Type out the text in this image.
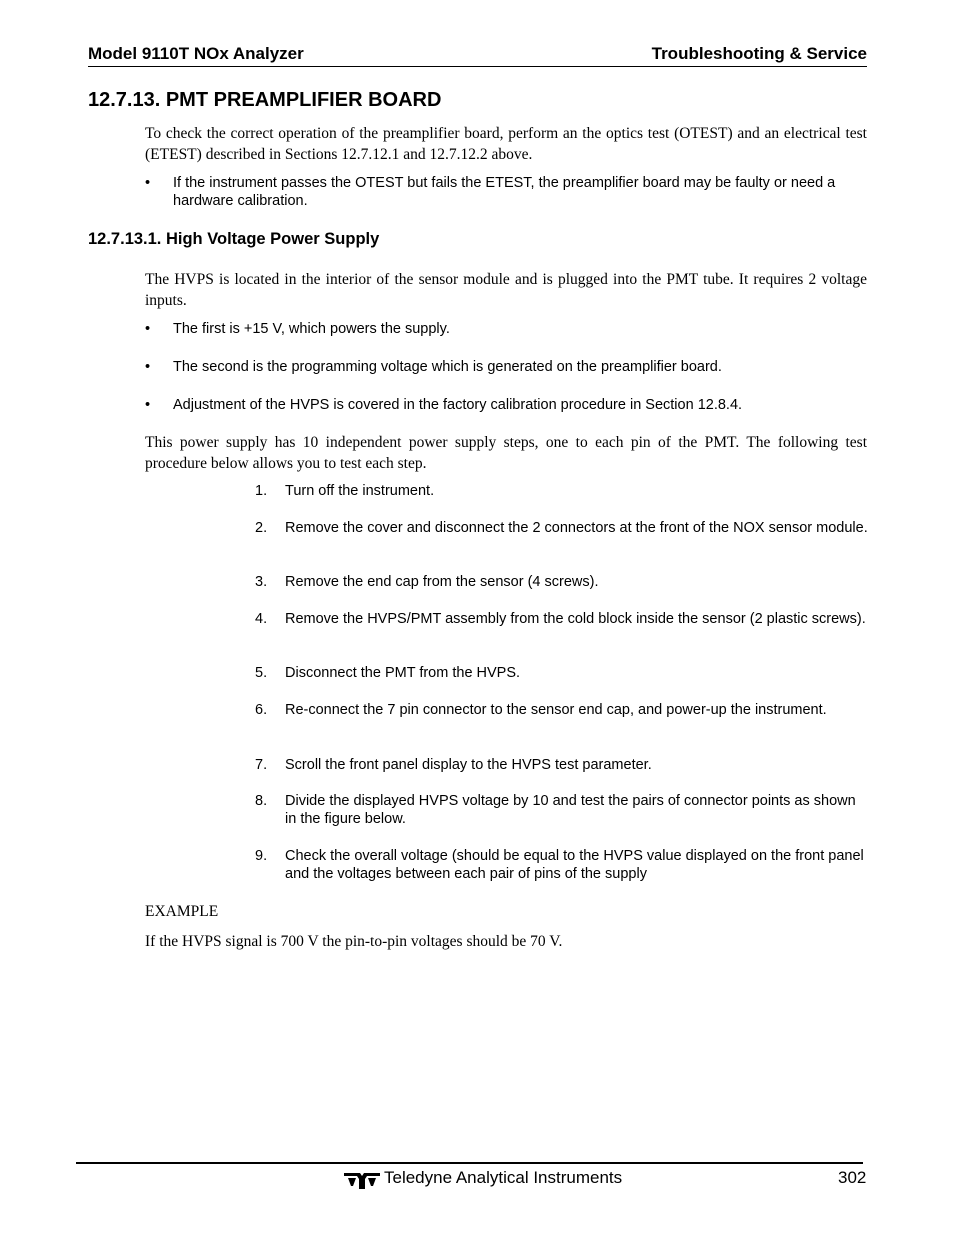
Model 9110T NOx Analyzer	Troubleshooting & Service
12.7.13. PMT PREAMPLIFIER BOARD
To check the correct operation of the preamplifier board, perform an the optics test (OTEST) and an electrical test (ETEST) described in Sections 12.7.12.1 and 12.7.12.2 above.
• If the instrument passes the OTEST but fails the ETEST, the preamplifier board may be faulty or need a hardware calibration.
12.7.13.1. High Voltage Power Supply
The HVPS is located in the interior of the sensor module and is plugged into the PMT tube. It requires 2 voltage inputs.
• The first is +15 V, which powers the supply.
• The second is the programming voltage which is generated on the preamplifier board.
• Adjustment of the HVPS is covered in the factory calibration procedure in Section 12.8.4.
This power supply has 10 independent power supply steps, one to each pin of the PMT. The following test procedure below allows you to test each step.
1.	Turn off the instrument.
2.	Remove the cover and disconnect the 2 connectors at the front of the NOX sensor module.
3.	Remove the end cap from the sensor (4 screws).
4.	Remove the HVPS/PMT assembly from the cold block inside the sensor (2 plastic screws).
5.	Disconnect the PMT from the HVPS.
6.	Re-connect the 7 pin connector to the sensor end cap, and power-up the instrument.
7.	Scroll the front panel display to the HVPS test parameter.
8.	Divide the displayed HVPS voltage by 10 and test the pairs of connector points as shown in the figure below.
9.	Check the overall voltage (should be equal to the HVPS value displayed on the front panel and the voltages between each pair of pins of the supply
EXAMPLE
If the HVPS signal is 700 V the pin-to-pin voltages should be 70 V.
Teledyne Analytical Instruments	302
